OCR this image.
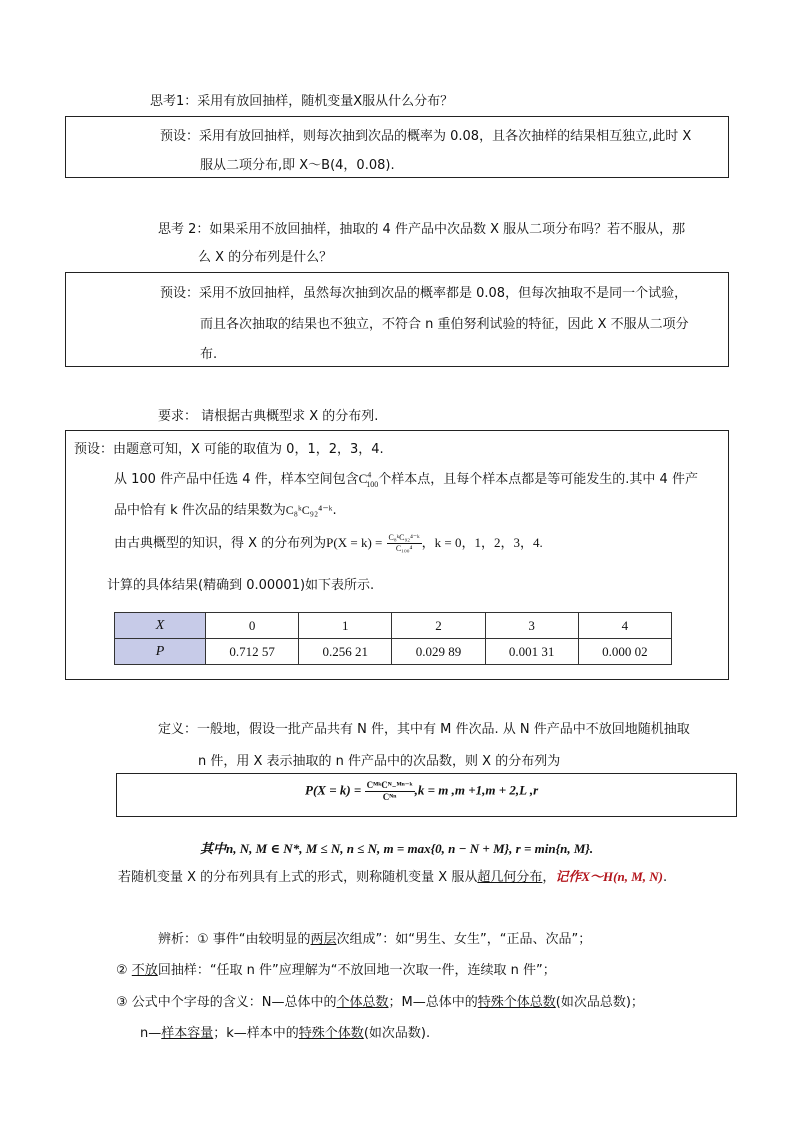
思考1：采用有放回抽样，随机变量X服从什么分布？
预设：采用有放回抽样，则每次抽到次品的概率为 0.08，且各次抽样的结果相互独立,此时 X
服从二项分布,即 X～B(4，0.08).
思考 2：如果采用不放回抽样，抽取的 4 件产品中次品数 X 服从二项分布吗？若不服从，那
么 X 的分布列是什么？
预设：采用不放回抽样，虽然每次抽到次品的概率都是 0.08，但每次抽取不是同一个试验，
而且各次抽取的结果也不独立，不符合 n 重伯努利试验的特征，因此 X 不服从二项分
布.
要求： 请根据古典概型求 X 的分布列.
预设：由题意可知，X 可能的取值为 0，1，2，3，4.
从 100 件产品中任选 4 件，样本空间包含$C^4_{100}$个样本点，且每个样本点都是等可能发生的.其中 4 件产
品中恰有 k 件次品的结果数为C₈ᵏC₉₂⁴⁻ᵏ.
由古典概型的知识，得 X 的分布列为$P(X = k) = \frac{\text{C₈ᵏC₉₂⁴⁻ᵏ}}{\text{C₁₀₀⁴}}$ ，k = 0，1，2，3，4.
计算的具体结果(精确到 0.00001)如下表所示.
X	0	1	2	3	4
P	0.712 57	0.256 21	0.029 89	0.001 31	0.000 02
定义：一般地，假设一批产品共有 N 件，其中有 M 件次品. 从 N 件产品中不放回地随机抽取
n 件，用 X 表示抽取的 n 件产品中的次品数，则 X 的分布列为
$P(X = k) = \frac{\text{CᴹᵏCᴺ₋ᴹⁿ⁻ᵏ}}{\text{Cᴺⁿ}} ,k = m$ ,m +1,m + 2,L ,r
其中n, N, M ∈ N*, M ≤ N, n ≤ N, m = max{0, n − N + M}, r = min{n, M}.
若随机变量 X 的分布列具有上式的形式，则称随机变量 X 服从超几何分布，记作X～H(n, M, N).
辨析：① 事件“由较明显的两层次组成”：如“男生、女生”，“正品、次品”；
② 不放回抽样：“任取 n 件”应理解为“不放回地一次取一件，连续取 n 件”；
③ 公式中个字母的含义：N—总体中的个体总数；M—总体中的特殊个体总数(如次品总数)；
n—样本容量；k—样本中的特殊个体数(如次品数).
